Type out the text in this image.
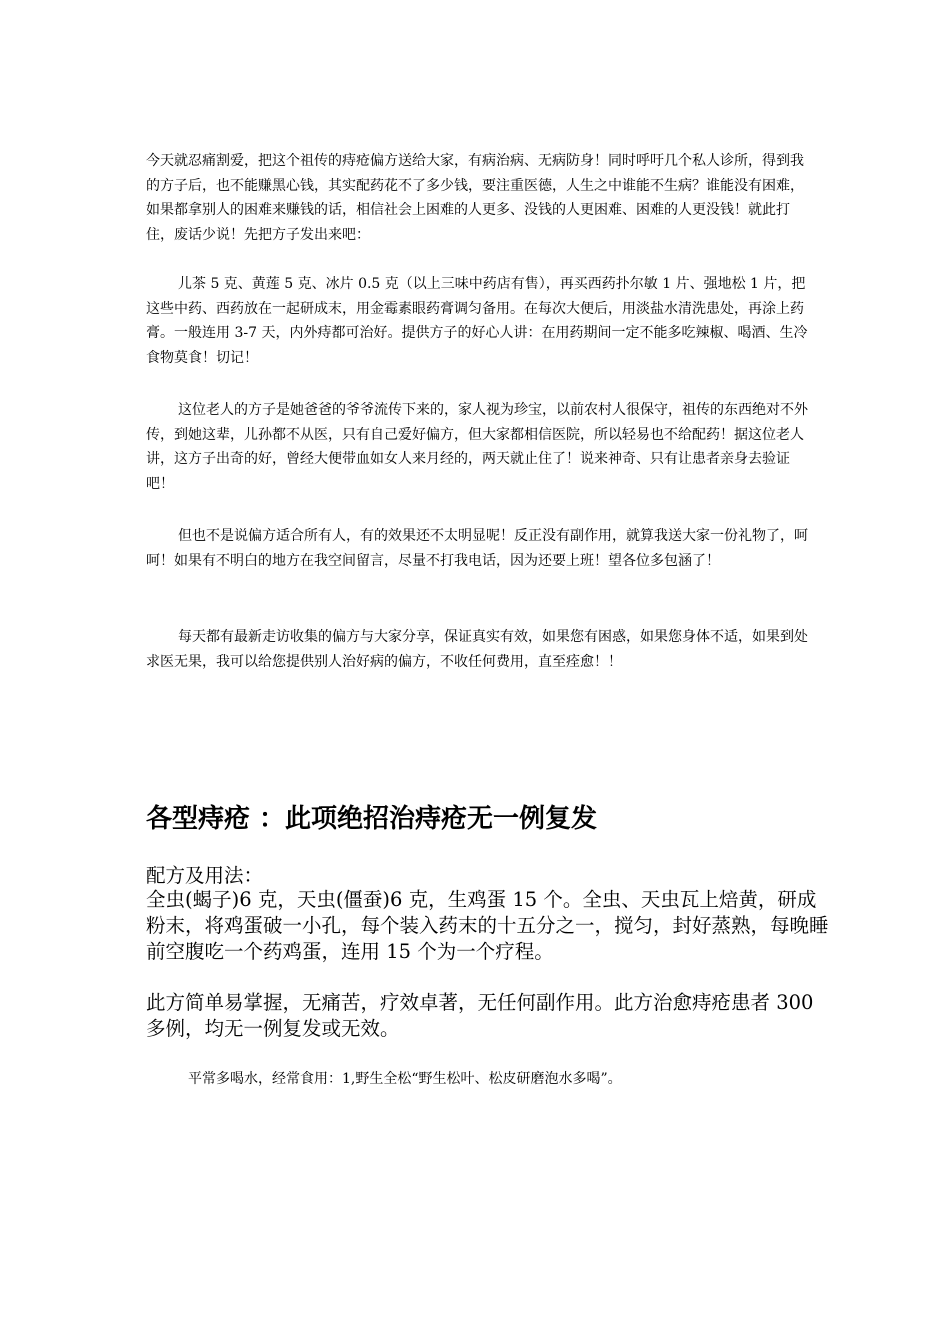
今天就忍痛割爱，把这个祖传的痔疮偏方送给大家，有病治病、无病防身！同时呼吁几个私人诊所，得到我的方子后，也不能赚黑心钱，其实配药花不了多少钱，要注重医德，人生之中谁能不生病？谁能没有困难，如果都拿别人的困难来赚钱的话，相信社会上困难的人更多、没钱的人更困难、困难的人更没钱！就此打住，废话少说！先把方子发出来吧：

儿茶 5 克、黄莲 5 克、冰片 0.5 克（以上三味中药店有售），再买西药扑尔敏 1 片、强地松 1 片，把这些中药、西药放在一起研成末，用金霉素眼药膏调匀备用。在每次大便后，用淡盐水清洗患处，再涂上药膏。一般连用 3-7 天，内外痔都可治好。提供方子的好心人讲：在用药期间一定不能多吃辣椒、喝酒、生冷食物莫食！切记！

这位老人的方子是她爸爸的爷爷流传下来的，家人视为珍宝，以前农村人很保守，祖传的东西绝对不外传，到她这辈，儿孙都不从医，只有自己爱好偏方，但大家都相信医院，所以轻易也不给配药！据这位老人讲，这方子出奇的好，曾经大便带血如女人来月经的，两天就止住了！说来神奇、只有让患者亲身去验证吧！

但也不是说偏方适合所有人，有的效果还不太明显呢！反正没有副作用，就算我送大家一份礼物了，呵呵！如果有不明白的地方在我空间留言，尽量不打我电话，因为还要上班！望各位多包涵了！

每天都有最新走访收集的偏方与大家分享，保证真实有效，如果您有困惑，如果您身体不适，如果到处求医无果，我可以给您提供别人治好病的偏方，不收任何费用，直至痊愈！！

各型痔疮 ：此项绝招治痔疮无一例复发

配方及用法：

全虫(蝎子)6 克，天虫(僵蚕)6 克，生鸡蛋 15 个。全虫、天虫瓦上焙黄，研成粉末，将鸡蛋破一小孔，每个装入药末的十五分之一，搅匀，封好蒸熟，每晚睡前空腹吃一个药鸡蛋，连用 15 个为一个疗程。

此方简单易掌握，无痛苦，疗效卓著，无任何副作用。此方治愈痔疮患者 300 多例，均无一例复发或无效。

平常多喝水，经常食用：1,野生全松“野生松叶、松皮研磨泡水多喝”。
